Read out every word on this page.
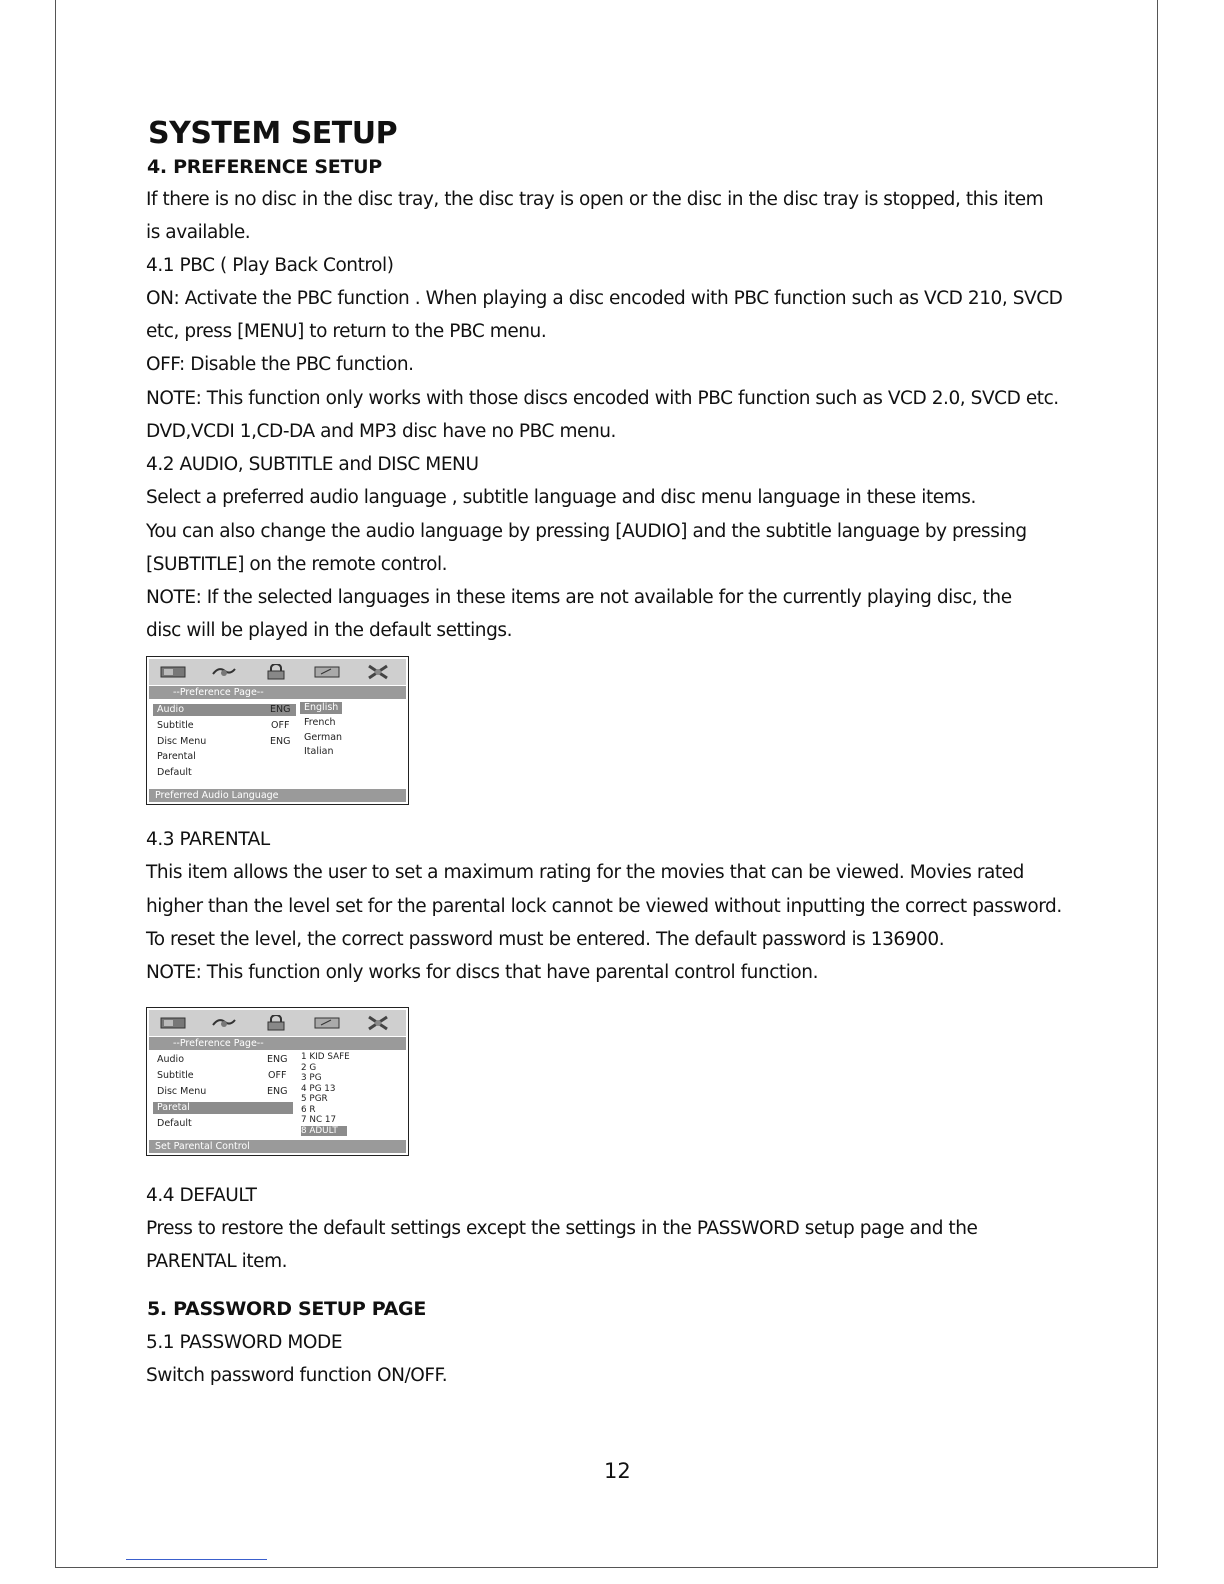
SYSTEM SETUP
4. PREFERENCE SETUP
If there is no disc in the disc tray, the disc tray is open or the disc in the disc tray is stopped, this item
is available.
4.1 PBC ( Play Back Control)
ON: Activate the PBC function . When playing a disc encoded with PBC function such as VCD 210, SVCD
etc, press [MENU] to return to the PBC menu.
OFF: Disable the PBC function.
NOTE: This function only works with those discs encoded with PBC function such as VCD 2.0, SVCD etc.
DVD,VCDI 1,CD-DA and MP3 disc have no PBC menu.
4.2 AUDIO, SUBTITLE and DISC MENU
Select a preferred audio language , subtitle language and disc menu language in these items.
You can also change the audio language by pressing [AUDIO] and the subtitle language by pressing
[SUBTITLE] on the remote control.
NOTE: If the selected languages in these items are not available for the currently playing disc, the
disc will be played in the default settings.
--Preference Page--
Audio
Subtitle
Disc Menu
Parental
Default
ENG
OFF
ENG
English
French
German
Italian
Preferred Audio Language
4.3 PARENTAL
This item allows the user to set a maximum rating for the movies that can be viewed. Movies rated
higher than the level set for the parental lock cannot be viewed without inputting the correct password.
To reset the level, the correct password must be entered. The default password is 136900.
NOTE: This function only works for discs that have parental control function.
--Preference Page--
Audio
Subtitle
Disc Menu
Paretal
Default
ENG
OFF
ENG
1 KID SAFE
2 G
3 PG
4 PG 13
5 PGR
6 R
7 NC 17
8 ADULT
Set Parental Control
4.4 DEFAULT
Press to restore the default settings except the settings in the PASSWORD setup page and the
PARENTAL item.
5. PASSWORD SETUP PAGE
5.1 PASSWORD MODE
Switch password function ON/OFF.
12
